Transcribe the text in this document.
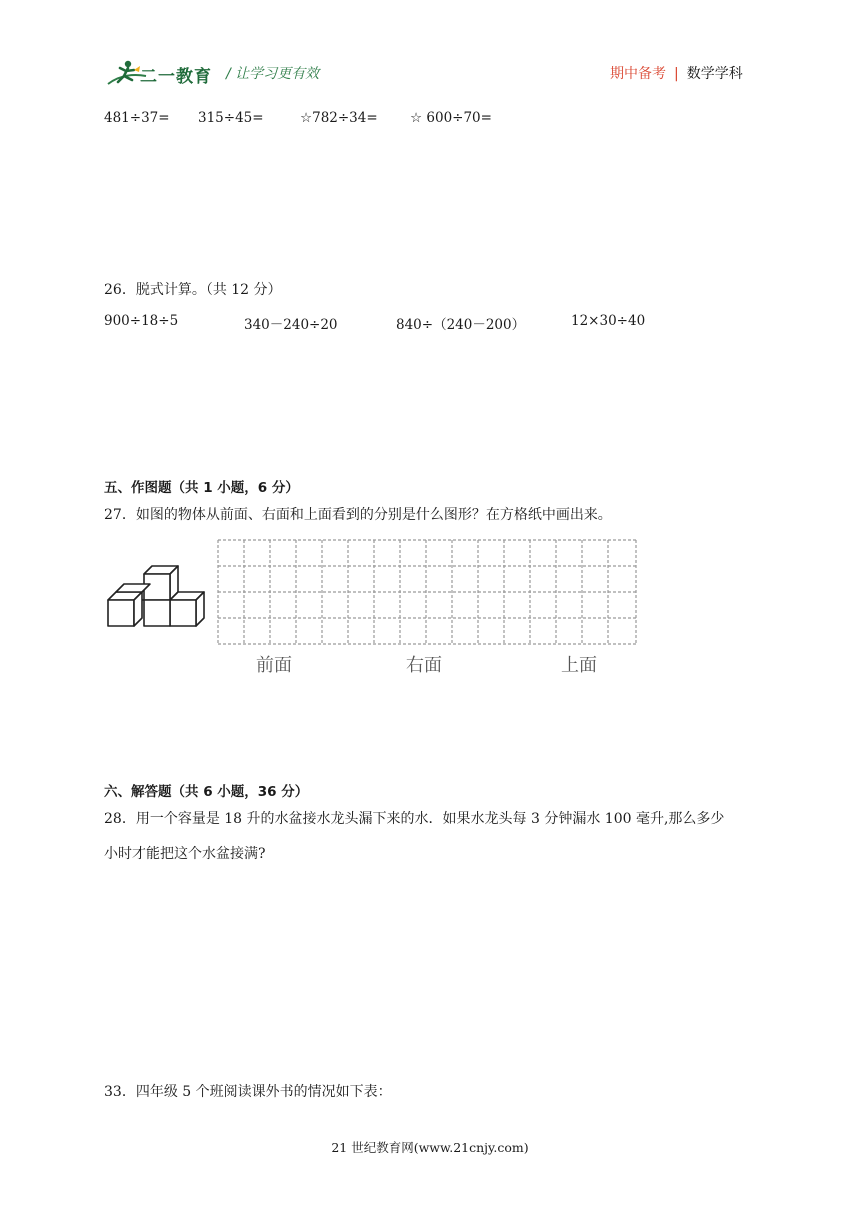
二一教育 / 让学习更有效	期中备考 | 数学学科
481÷37= 315÷45=	☆782÷34= ☆ 600÷70=
26．脱式计算。（共 12 分）
900÷18÷5	340－240÷20	840÷（240－200）	12×30÷40
五、作图题（共 1 小题，6 分）
27．如图的物体从前面、右面和上面看到的分别是什么图形？在方格纸中画出来。
前面	右面	上面
六、解答题（共 6 小题，36 分）
28．用一个容量是 18 升的水盆接水龙头漏下来的水．如果水龙头每 3 分钟漏水 100 毫升,那么多少
小时才能把这个水盆接满?
33．四年级 5 个班阅读课外书的情况如下表：
21 世纪教育网(www.21cnjy.com)
